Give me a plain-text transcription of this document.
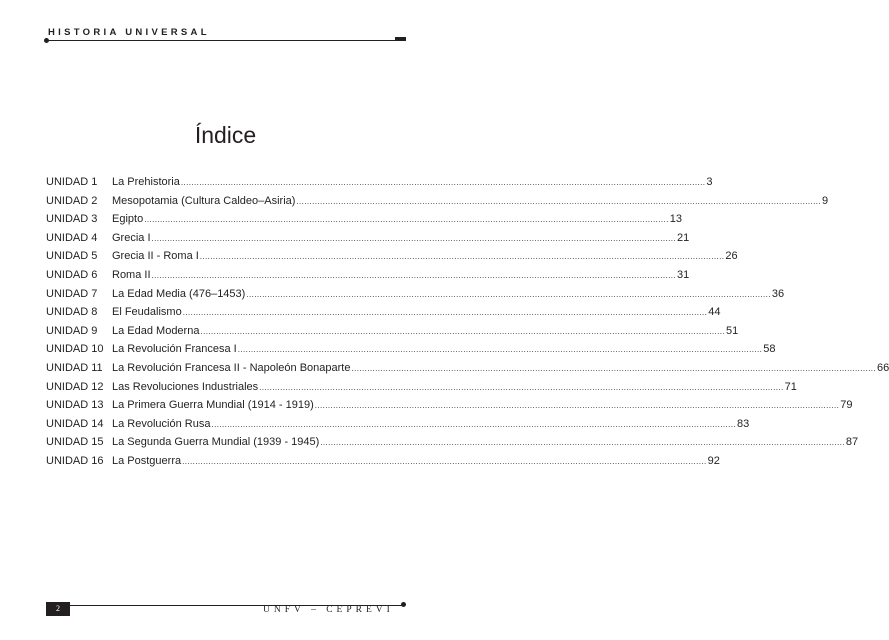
HISTORIA UNIVERSAL
Índice
UNIDAD 1	La Prehistoria ........................................................................................................................................................................................................ 3
UNIDAD 2	Mesopotamia (Cultura Caldeo–Asiria) ........................................................................................................................................................................................................ 9
UNIDAD 3	Egipto ........................................................................................................................................................................................................ 13
UNIDAD 4	Grecia I ........................................................................................................................................................................................................ 21
UNIDAD 5	Grecia II - Roma I ........................................................................................................................................................................................................ 26
UNIDAD 6	Roma II ........................................................................................................................................................................................................ 31
UNIDAD 7	La Edad Media (476–1453) ........................................................................................................................................................................................................ 36
UNIDAD 8	El Feudalismo ........................................................................................................................................................................................................ 44
UNIDAD 9	La Edad Moderna ........................................................................................................................................................................................................ 51
UNIDAD 10 La Revolución Francesa I ........................................................................................................................................................................................................ 58
UNIDAD 11 La Revolución Francesa II - Napoleón Bonaparte ........................................................................................................................................................................................................ 66
UNIDAD 12 Las Revoluciones Industriales ........................................................................................................................................................................................................ 71
UNIDAD 13 La Primera Guerra Mundial (1914 - 1919) ........................................................................................................................................................................................................ 79
UNIDAD 14 La Revolución Rusa ........................................................................................................................................................................................................ 83
UNIDAD 15 La Segunda Guerra Mundial (1939 - 1945) ........................................................................................................................................................................................................ 87
UNIDAD 16 La Postguerra ........................................................................................................................................................................................................ 92
2	UNFV – CEPREVI
